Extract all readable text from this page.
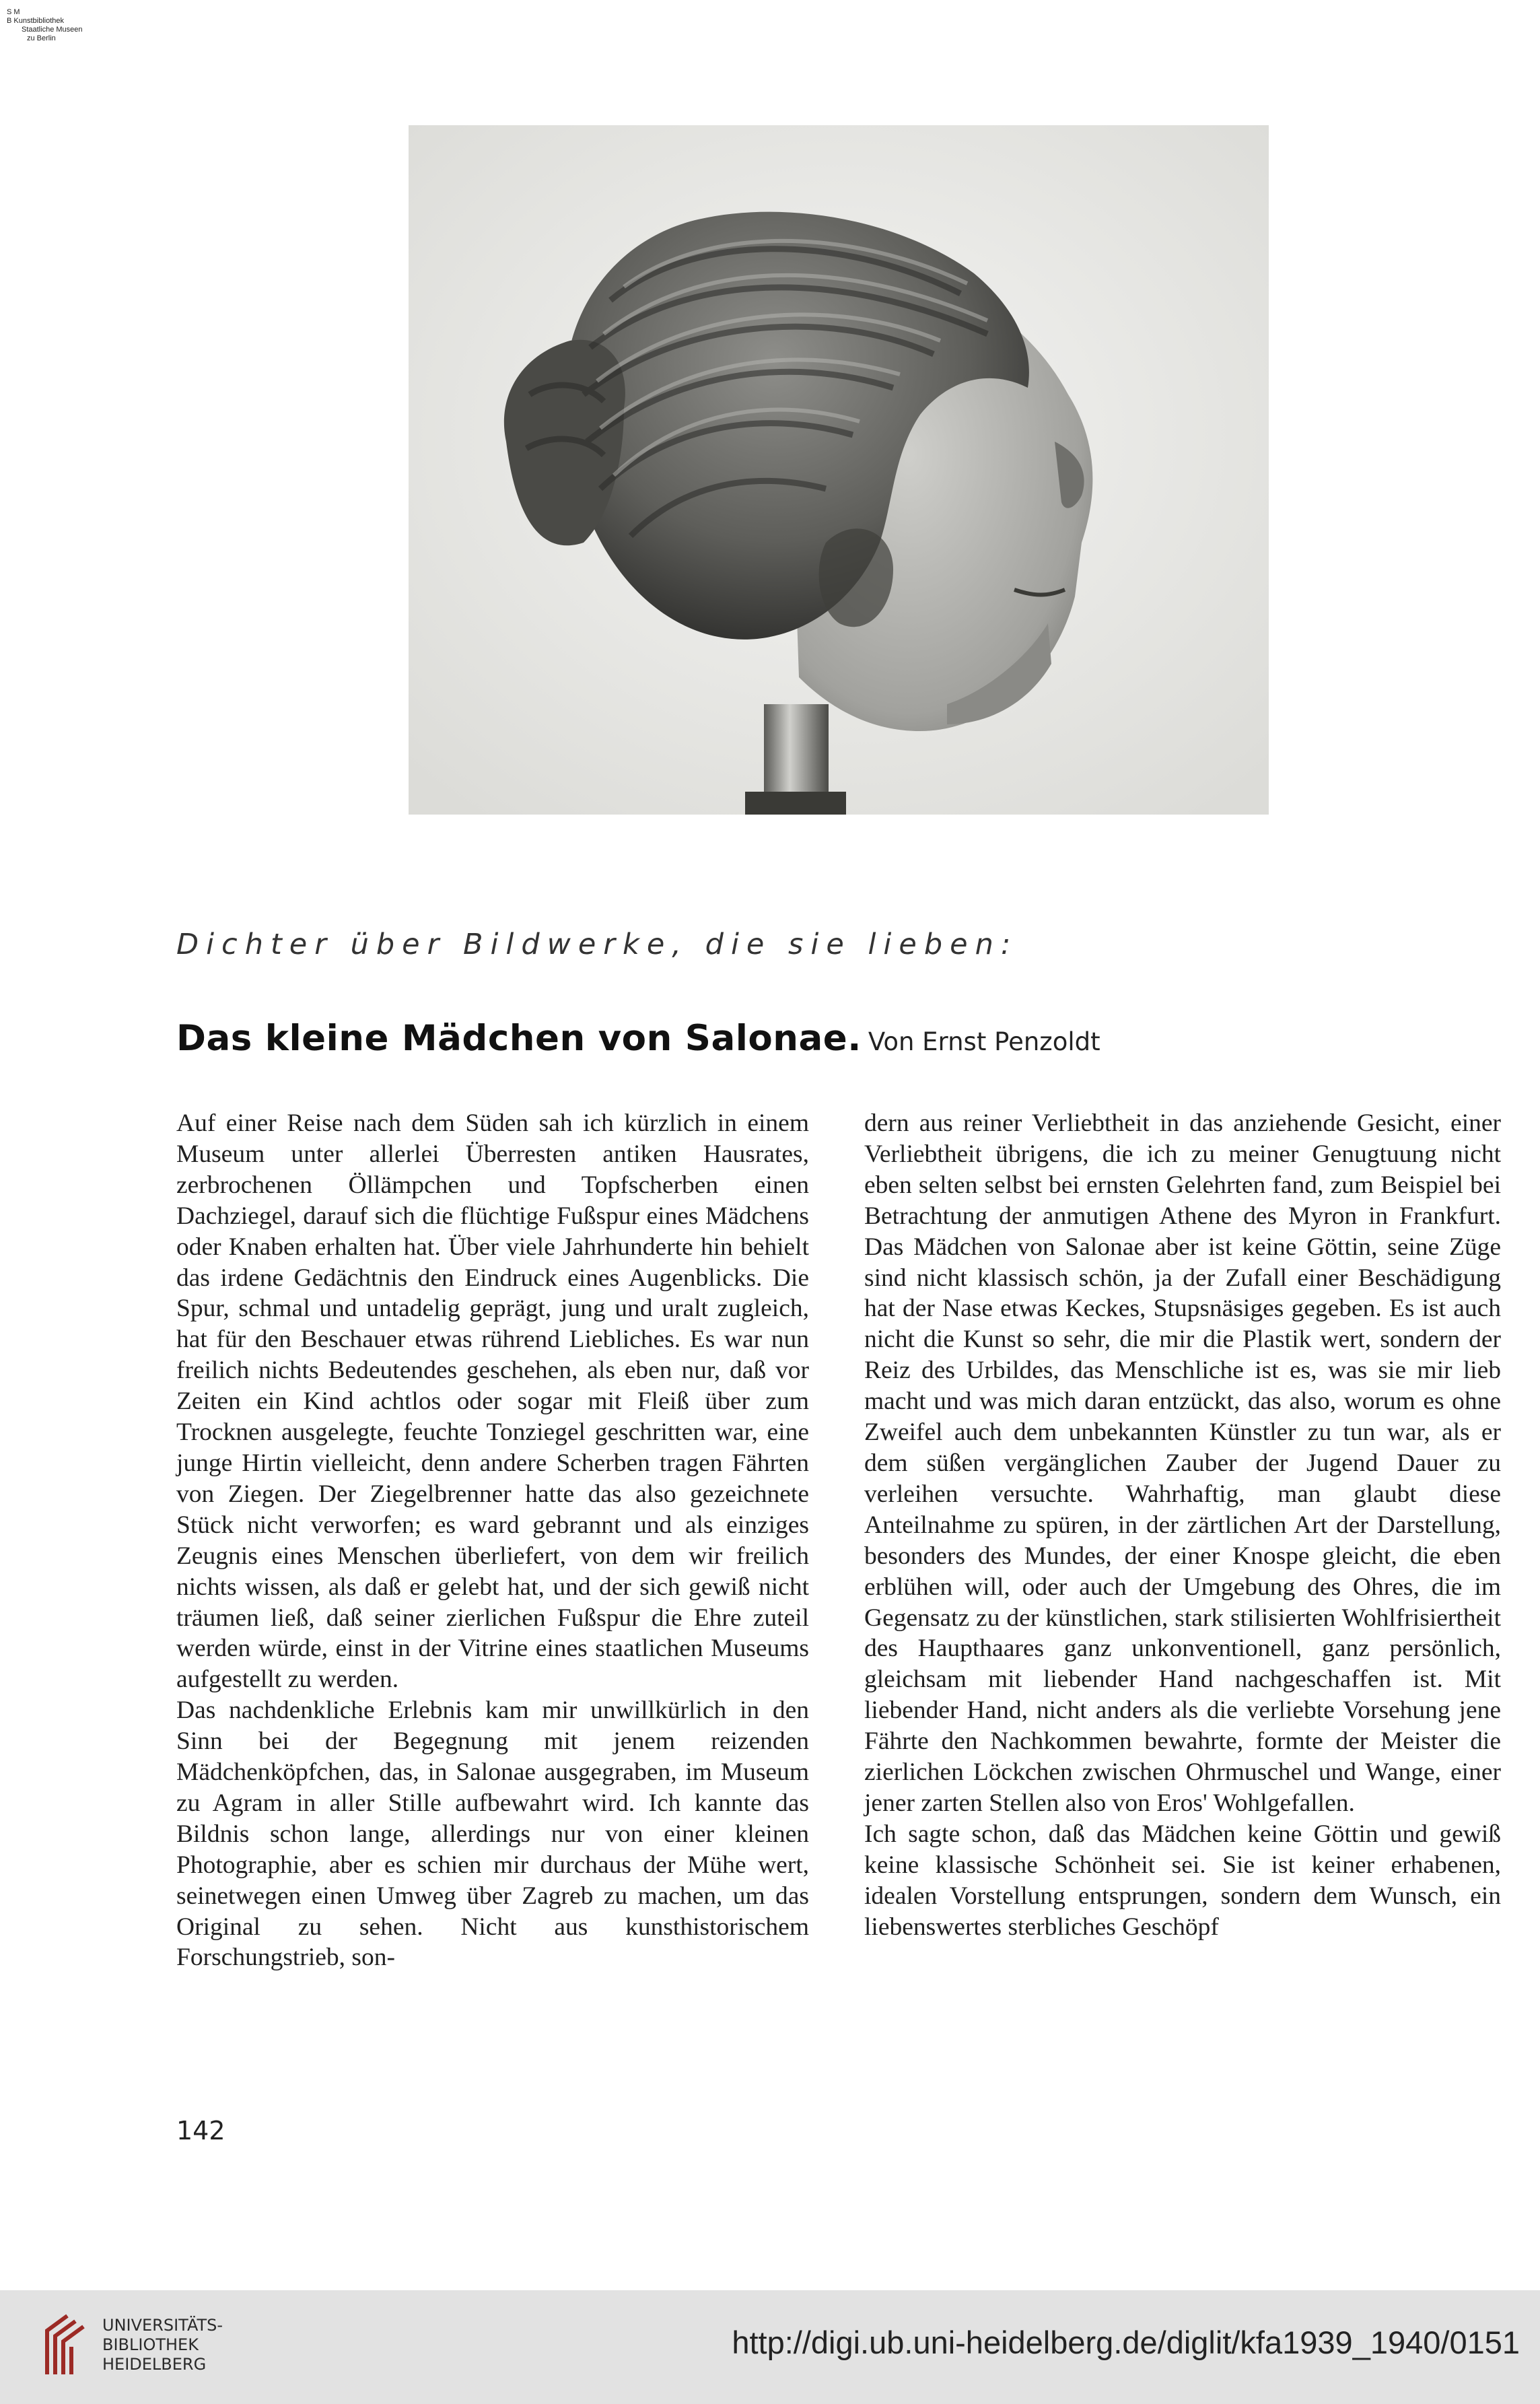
S M
B Kunstbibliothek
Staatliche Museen
zu Berlin
Dichter über Bildwerke, die sie lieben:
Das kleine Mädchen von Salonae. Von Ernst Penzoldt

Auf einer Reise nach dem Süden sah ich kürzlich in einem Museum unter allerlei Überresten antiken Hausrates, zerbrochenen Öllämpchen und Topfscherben einen Dachziegel, darauf sich die flüchtige Fußspur eines Mädchens oder Knaben erhalten hat. Über viele Jahrhunderte hin behielt das irdene Gedächtnis den Eindruck eines Augenblicks. Die Spur, schmal und untadelig geprägt, jung und uralt zugleich, hat für den Beschauer etwas rührend Liebliches. Es war nun freilich nichts Bedeutendes geschehen, als eben nur, daß vor Zeiten ein Kind achtlos oder sogar mit Fleiß über zum Trocknen ausgelegte, feuchte Tonziegel geschritten war, eine junge Hirtin vielleicht, denn andere Scherben tragen Fährten von Ziegen. Der Ziegelbrenner hatte das also gezeichnete Stück nicht verworfen; es ward gebrannt und als einziges Zeugnis eines Menschen überliefert, von dem wir freilich nichts wissen, als daß er gelebt hat, und der sich gewiß nicht träumen ließ, daß seiner zierlichen Fußspur die Ehre zuteil werden würde, einst in der Vitrine eines staatlichen Museums aufgestellt zu werden.

Das nachdenkliche Erlebnis kam mir unwillkürlich in den Sinn bei der Begegnung mit jenem reizenden Mädchenköpfchen, das, in Salonae ausgegraben, im Museum zu Agram in aller Stille aufbewahrt wird. Ich kannte das Bildnis schon lange, allerdings nur von einer kleinen Photographie, aber es schien mir durchaus der Mühe wert, seinetwegen einen Umweg über Zagreb zu machen, um das Original zu sehen. Nicht aus kunsthistorischem Forschungstrieb, son-

dern aus reiner Verliebtheit in das anziehende Gesicht, einer Verliebtheit übrigens, die ich zu meiner Genugtuung nicht eben selten selbst bei ernsten Gelehrten fand, zum Beispiel bei Betrachtung der anmutigen Athene des Myron in Frankfurt. Das Mädchen von Salonae aber ist keine Göttin, seine Züge sind nicht klassisch schön, ja der Zufall einer Beschädigung hat der Nase etwas Keckes, Stupsnäsiges gegeben. Es ist auch nicht die Kunst so sehr, die mir die Plastik wert, sondern der Reiz des Urbildes, das Menschliche ist es, was sie mir lieb macht und was mich daran entzückt, das also, worum es ohne Zweifel auch dem unbekannten Künstler zu tun war, als er dem süßen vergänglichen Zauber der Jugend Dauer zu verleihen versuchte. Wahrhaftig, man glaubt diese Anteilnahme zu spüren, in der zärtlichen Art der Darstellung, besonders des Mundes, der einer Knospe gleicht, die eben erblühen will, oder auch der Umgebung des Ohres, die im Gegensatz zu der künstlichen, stark stilisierten Wohlfrisiertheit des Haupthaares ganz unkonventionell, ganz persönlich, gleichsam mit liebender Hand nachgeschaffen ist. Mit liebender Hand, nicht anders als die verliebte Vorsehung jene Fährte den Nachkommen bewahrte, formte der Meister die zierlichen Löckchen zwischen Ohrmuschel und Wange, einer jener zarten Stellen also von Eros' Wohlgefallen.

Ich sagte schon, daß das Mädchen keine Göttin und gewiß keine klassische Schönheit sei. Sie ist keiner erhabenen, idealen Vorstellung entsprungen, sondern dem Wunsch, ein liebenswertes sterbliches Geschöpf

142
UNIVERSITÄTS-
BIBLIOTHEK
HEIDELBERG
http://digi.ub.uni-heidelberg.de/diglit/kfa1939_1940/0151
